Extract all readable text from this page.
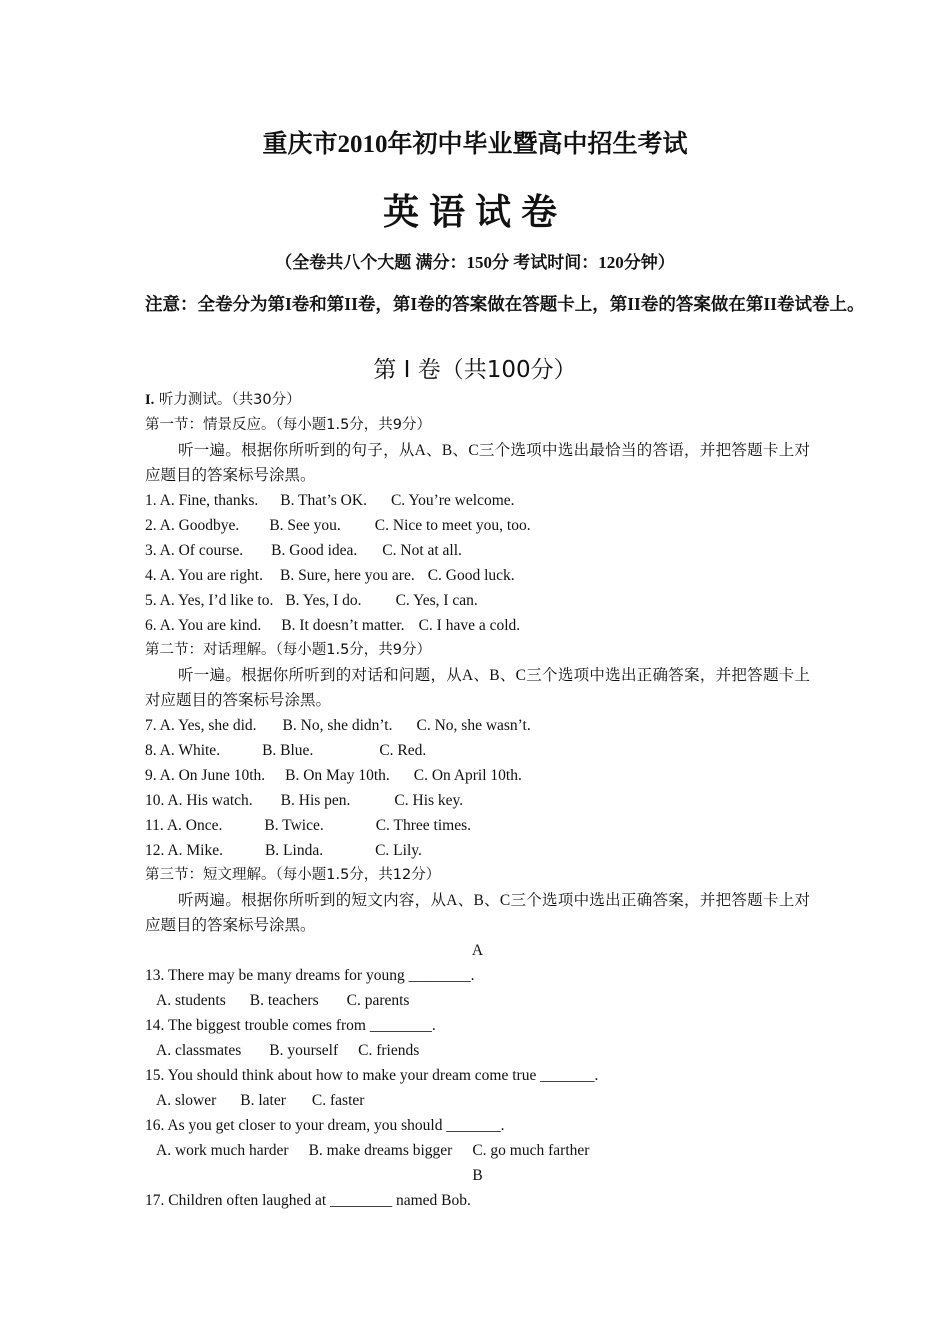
重庆市2010年初中毕业暨高中招生考试
英语试卷
（全卷共八个大题 满分：150分 考试时间：120分钟）
注意：全卷分为第I卷和第II卷，第I卷的答案做在答题卡上，第II卷的答案做在第II卷试卷上。
第 Ⅰ 卷（共100分）
I. 听力测试。（共30分）
第一节：情景反应。（每小题1.5分，共9分）
听一遍。根据你所听到的句子，从A、B、C三个选项中选出最恰当的答语，并把答题卡上对应题目的答案标号涂黑。
1. A. Fine, thanks. B. That’s OK. C. You’re welcome.
2. A. Goodbye. B. See you. C. Nice to meet you, too.
3. A. Of course. B. Good idea. C. Not at all.
4. A. You are right. B. Sure, here you are. C. Good luck.
5. A. Yes, I’d like to. B. Yes, I do. C. Yes, I can.
6. A. You are kind. B. It doesn’t matter. C. I have a cold.
第二节：对话理解。（每小题1.5分，共9分）
听一遍。根据你所听到的对话和问题，从A、B、C三个选项中选出正确答案，并把答题卡上对应题目的答案标号涂黑。
7. A. Yes, she did. B. No, she didn’t. C. No, she wasn’t.
8. A. White.	B. Blue.	C. Red.
9. A. On June 10th. B. On May 10th. C. On April 10th.
10. A. His watch. B. His pen.	C. His key.
11. A. Once.	B. Twice.	C. Three times.
12. A. Mike.	B. Linda.	C. Lily.
第三节：短文理解。（每小题1.5分，共12分）
听两遍。根据你所听到的短文内容，从A、B、C三个选项中选出正确答案，并把答题卡上对应题目的答案标号涂黑。
A
13. There may be many dreams for young ________.
A. students B. teachers C. parents
14. The biggest trouble comes from ________.
A. classmates B. yourself C. friends
15. You should think about how to make your dream come true _______.
A. slower B. later C. faster
16. As you get closer to your dream, you should _______.
A. work much harder B. make dreams bigger C. go much farther
B
17. Children often laughed at ________ named Bob.
